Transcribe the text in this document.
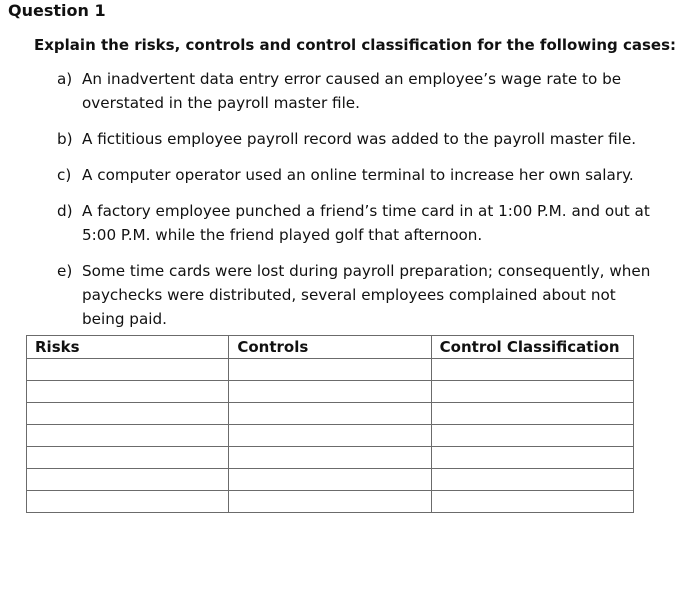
Question 1
Explain the risks, controls and control classification for the following cases:
a) An inadvertent data entry error caused an employee’s wage rate to be overstated in the payroll master file.
b) A fictitious employee payroll record was added to the payroll master file.
c) A computer operator used an online terminal to increase her own salary.
d) A factory employee punched a friend’s time card in at 1:00 P.M. and out at 5:00 P.M. while the friend played golf that afternoon.
e) Some time cards were lost during payroll preparation; consequently, when paychecks were distributed, several employees complained about not being paid.
Risks	Controls	Control Classification
